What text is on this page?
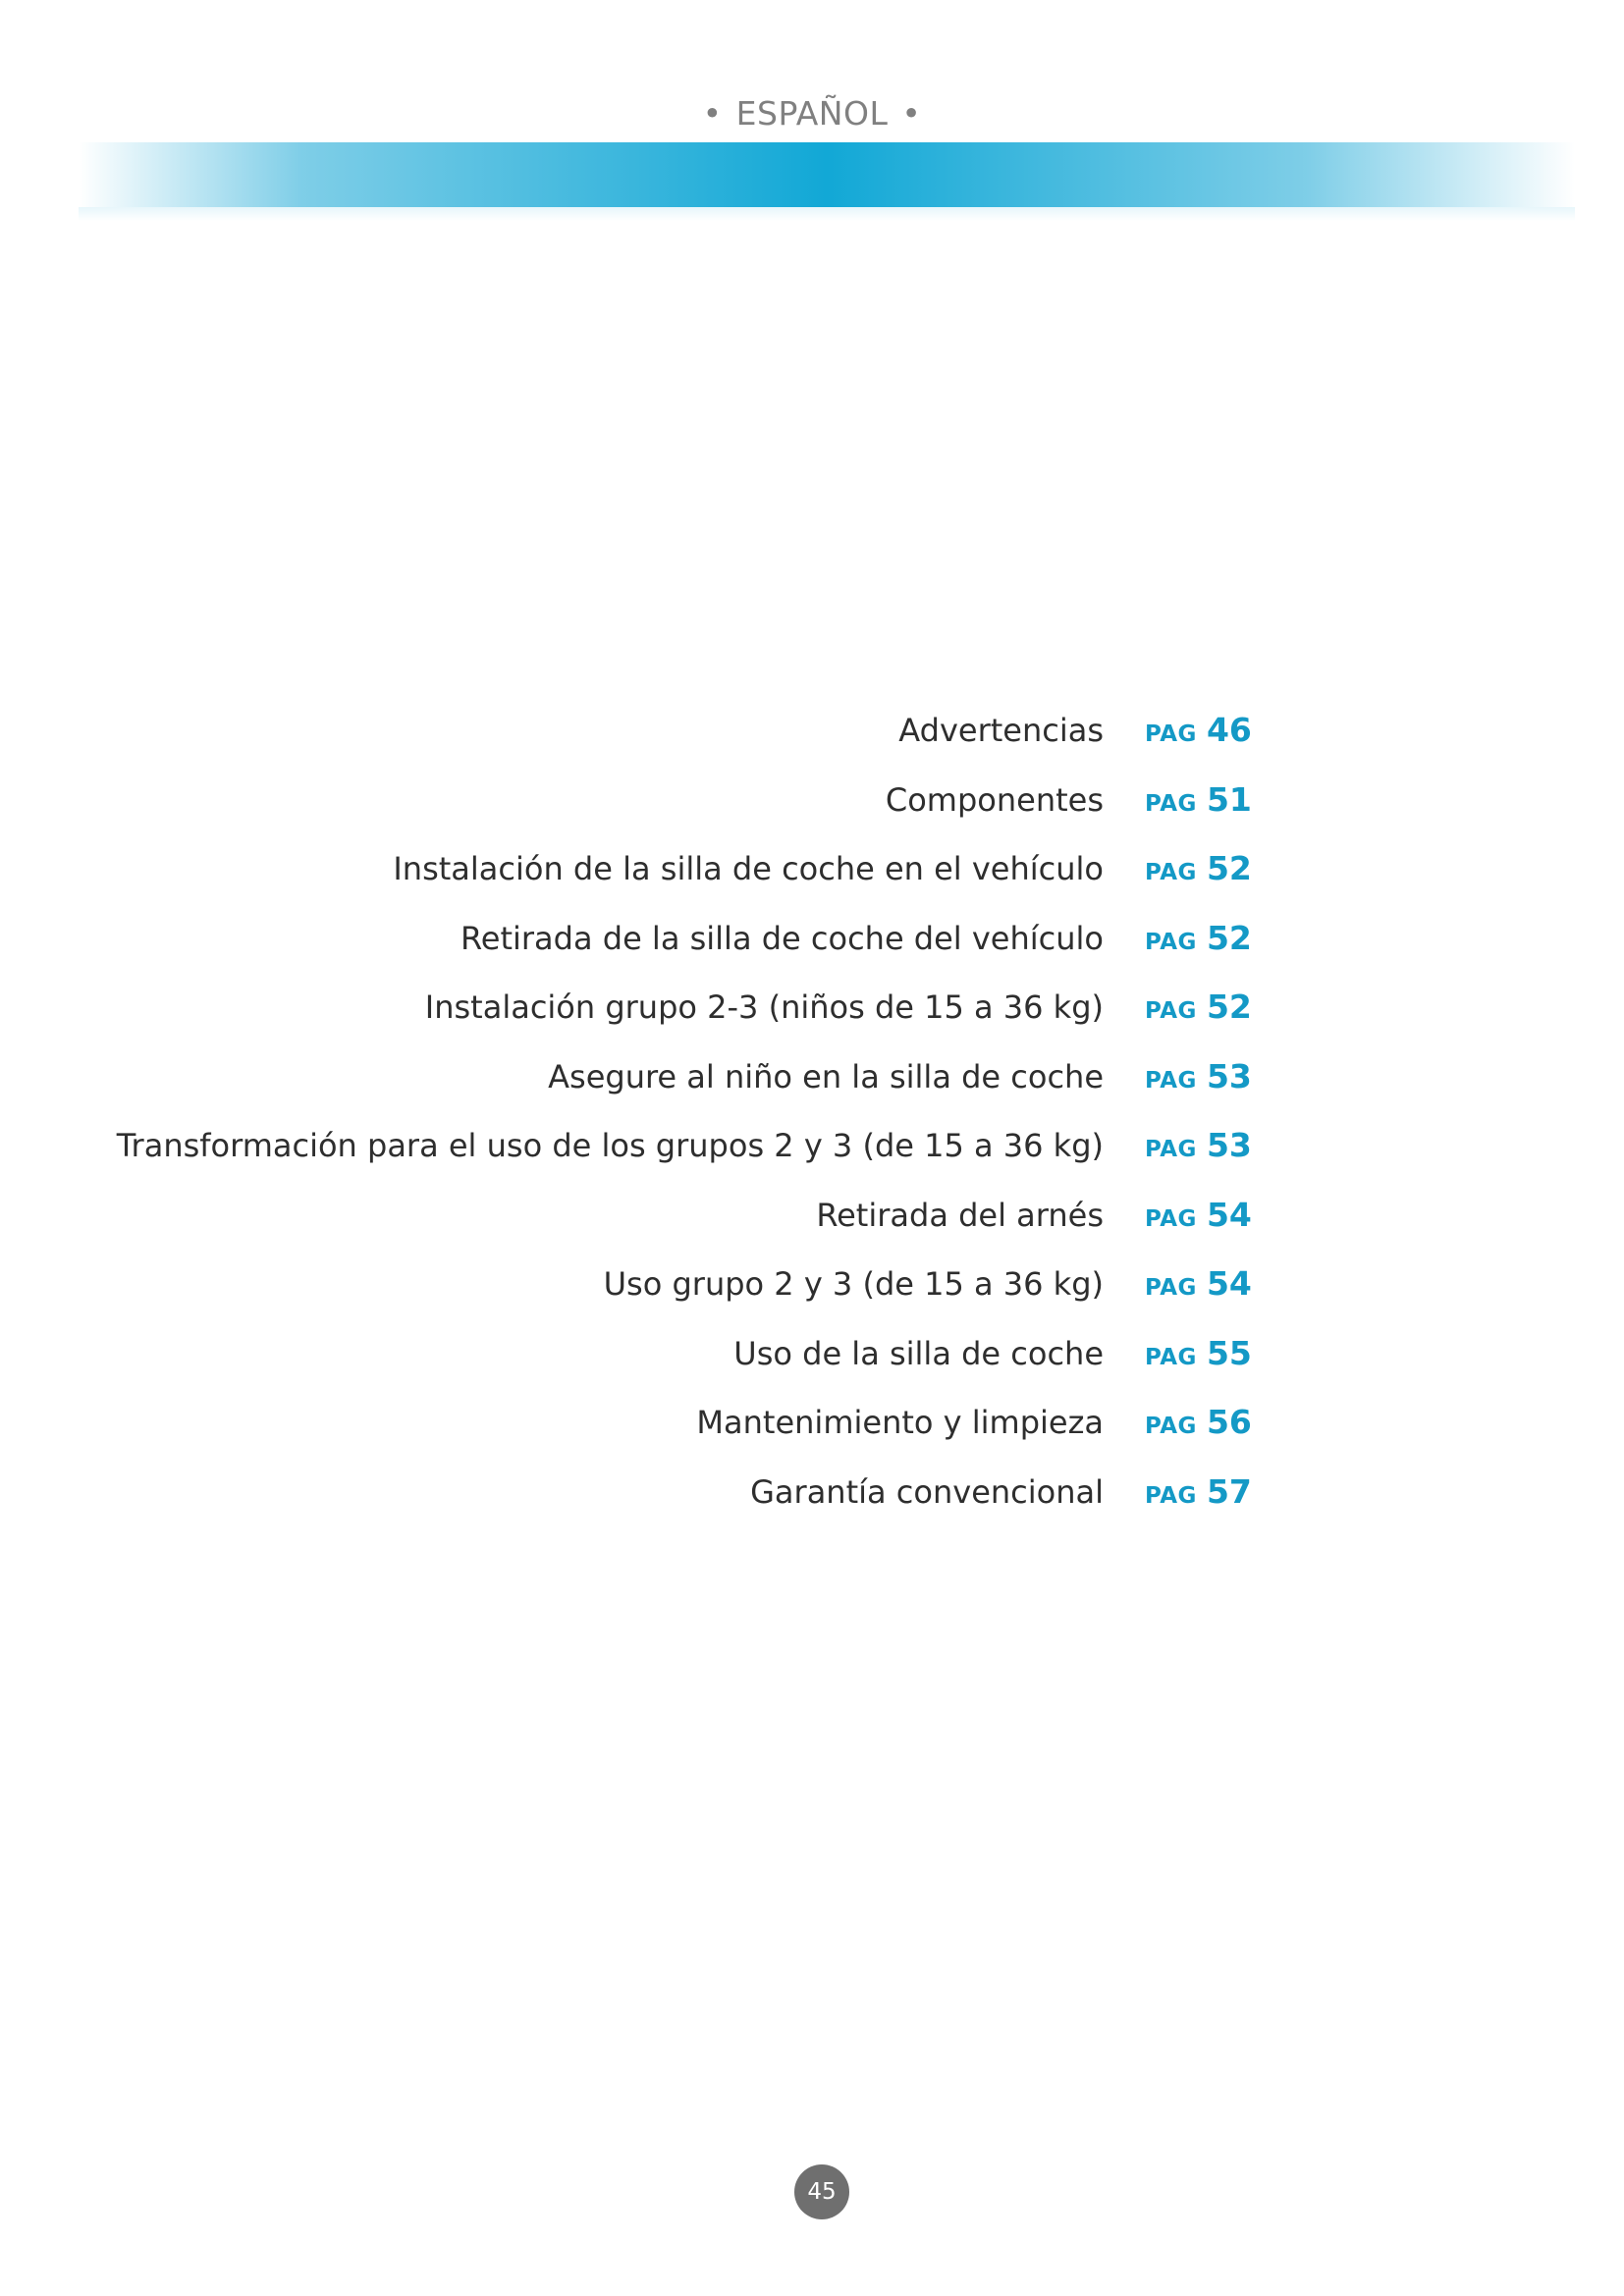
• ESPAÑOL •
Advertencias PAG 46
Componentes PAG 51
Instalación de la silla de coche en el vehículo PAG 52
Retirada de la silla de coche del vehículo PAG 52
Instalación grupo 2-3 (niños de 15 a 36 kg) PAG 52
Asegure al niño en la silla de coche PAG 53
Transformación para el uso de los grupos 2 y 3 (de 15 a 36 kg) PAG 53
Retirada del arnés PAG 54
Uso grupo 2 y 3 (de 15 a 36 kg) PAG 54
Uso de la silla de coche PAG 55
Mantenimiento y limpieza PAG 56
Garantía convencional PAG 57
45
